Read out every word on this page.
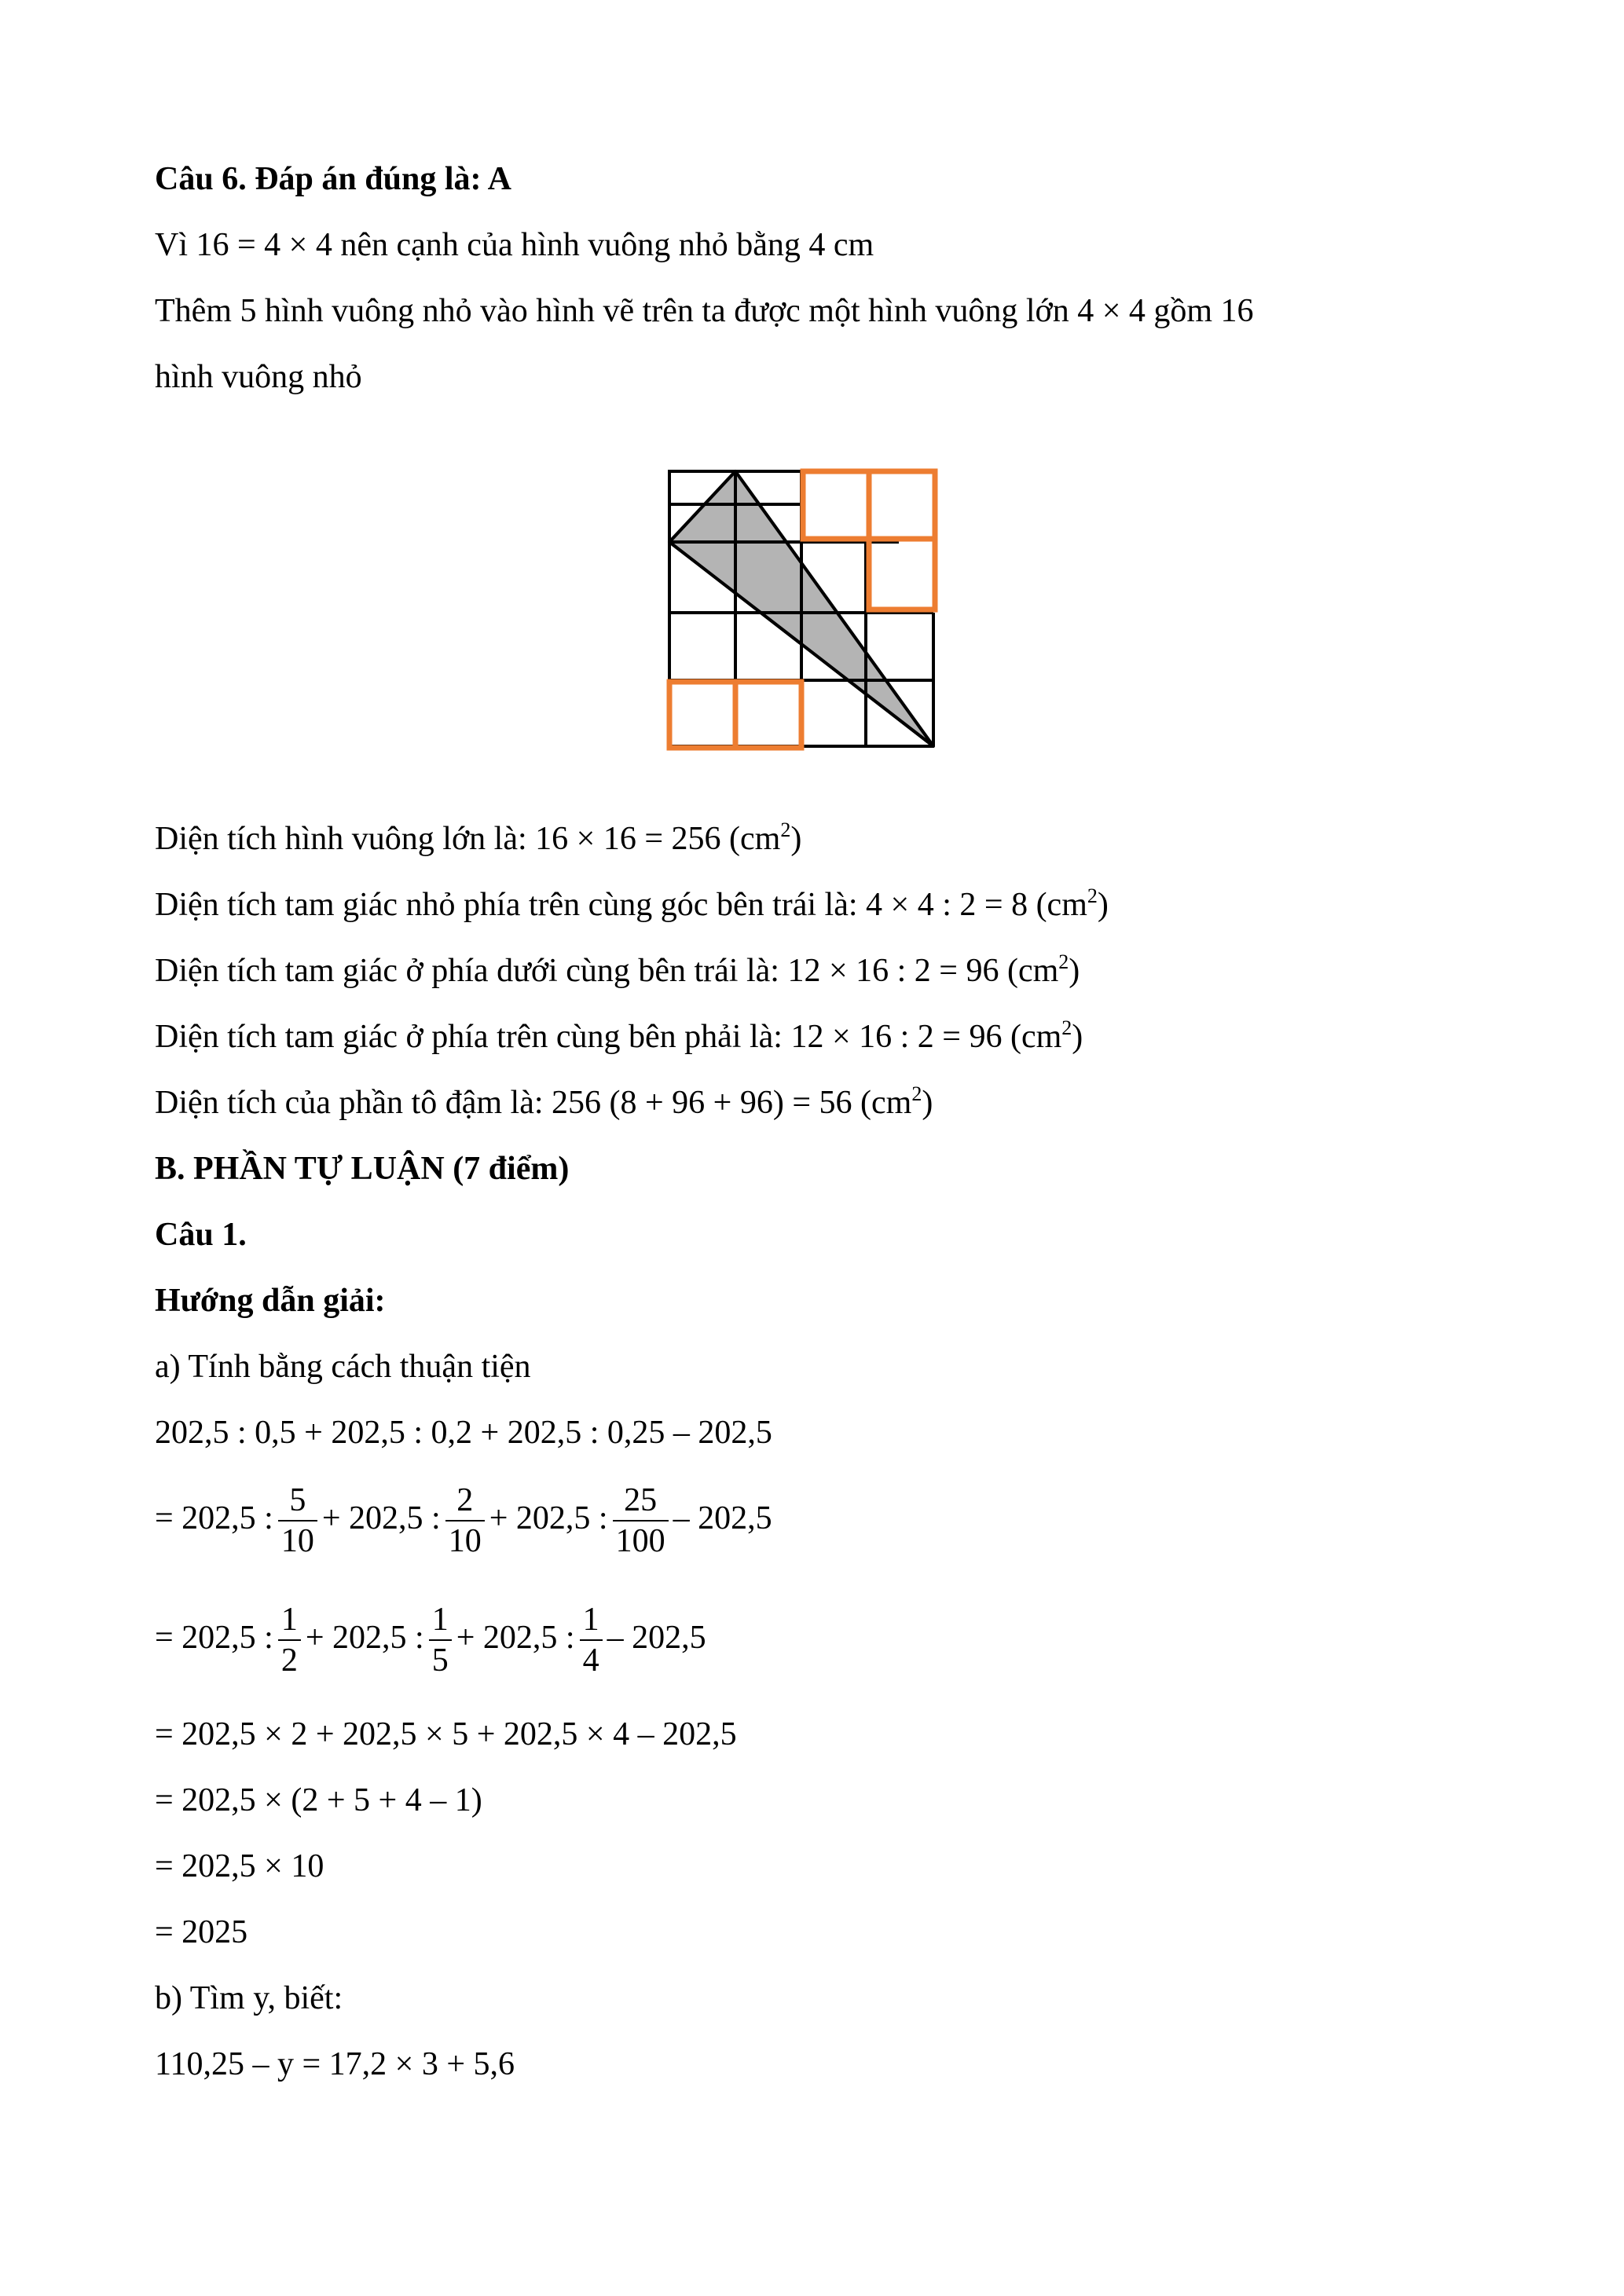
Câu 6. Đáp án đúng là: A
Vì 16 = 4 × 4 nên cạnh của hình vuông nhỏ bằng 4 cm
Thêm 5 hình vuông nhỏ vào hình vẽ trên ta được một hình vuông lớn 4 × 4 gồm 16
hình vuông nhỏ
Diện tích hình vuông lớn là: 16 × 16 = 256 $(cm^2)$
Diện tích tam giác nhỏ phía trên cùng góc bên trái là: 4 × 4 : 2 = 8 $(cm^2)$
Diện tích tam giác ở phía dưới cùng bên trái là: 12 × 16 : 2 = 96 $(cm^2)$
Diện tích tam giác ở phía trên cùng bên phải là: 12 × 16 : 2 = 96 $(cm^2)$
Diện tích của phần tô đậm là: 256 (8 + 96 + 96) = 56 $(cm^2)$
B. PHẦN TỰ LUẬN (7 điểm)
Câu 1.
Hướng dẫn giải:
a) Tính bằng cách thuận tiện
202,5 : 0,5 + 202,5 : 0,2 + 202,5 : 0,25 – 202,5
= 202,5 : $\frac{5}{10} + 202,5$ : $\frac{2}{10} + 202,5$ : $\frac{25}{100} - 202,5$
= 202,5 : $\frac{1}{2} + 202,5$ : $\frac{1}{5} + 202,5$ : $\frac{1}{4} - 202,5$
= 202,5 × 2 + 202,5 × 5 + 202,5 × 4 – 202,5
= 202,5 × (2 + 5 + 4 – 1)
= 202,5 × 10
= 2025
b) Tìm y, biết:
110,25 – y = 17,2 × 3 + 5,6
